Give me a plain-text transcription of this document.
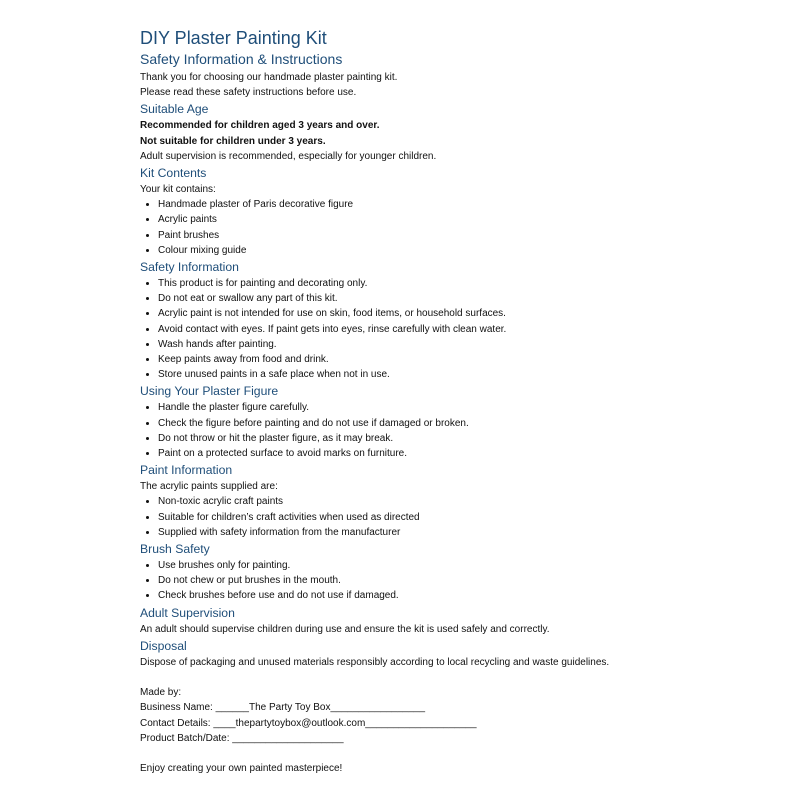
DIY Plaster Painting Kit
Safety Information & Instructions

Thank you for choosing our handmade plaster painting kit.

Please read these safety instructions before use.

Suitable Age

Recommended for children aged 3 years and over.

Not suitable for children under 3 years.

Adult supervision is recommended, especially for younger children.

Kit Contents

Your kit contains:

• Handmade plaster of Paris decorative figure
• Acrylic paints
• Paint brushes
• Colour mixing guide
Safety Information
• This product is for painting and decorating only.
• Do not eat or swallow any part of this kit.
• Acrylic paint is not intended for use on skin, food items, or household surfaces.
• Avoid contact with eyes. If paint gets into eyes, rinse carefully with clean water.
• Wash hands after painting.
• Keep paints away from food and drink.
• Store unused paints in a safe place when not in use.
Using Your Plaster Figure
• Handle the plaster figure carefully.
• Check the figure before painting and do not use if damaged or broken.
• Do not throw or hit the plaster figure, as it may break.
• Paint on a protected surface to avoid marks on furniture.
Paint Information

The acrylic paints supplied are:

• Non-toxic acrylic craft paints
• Suitable for children’s craft activities when used as directed
• Supplied with safety information from the manufacturer
Brush Safety
• Use brushes only for painting.
• Do not chew or put brushes in the mouth.
• Check brushes before use and do not use if damaged.
Adult Supervision

An adult should supervise children during use and ensure the kit is used safely and correctly.

Disposal

Dispose of packaging and unused materials responsibly according to local recycling and waste guidelines.

Made by:

Business Name: ______The Party Toy Box_________________

Contact Details: ____thepartytoybox@outlook.com____________________

Product Batch/Date: ____________________

Enjoy creating your own painted masterpiece!
